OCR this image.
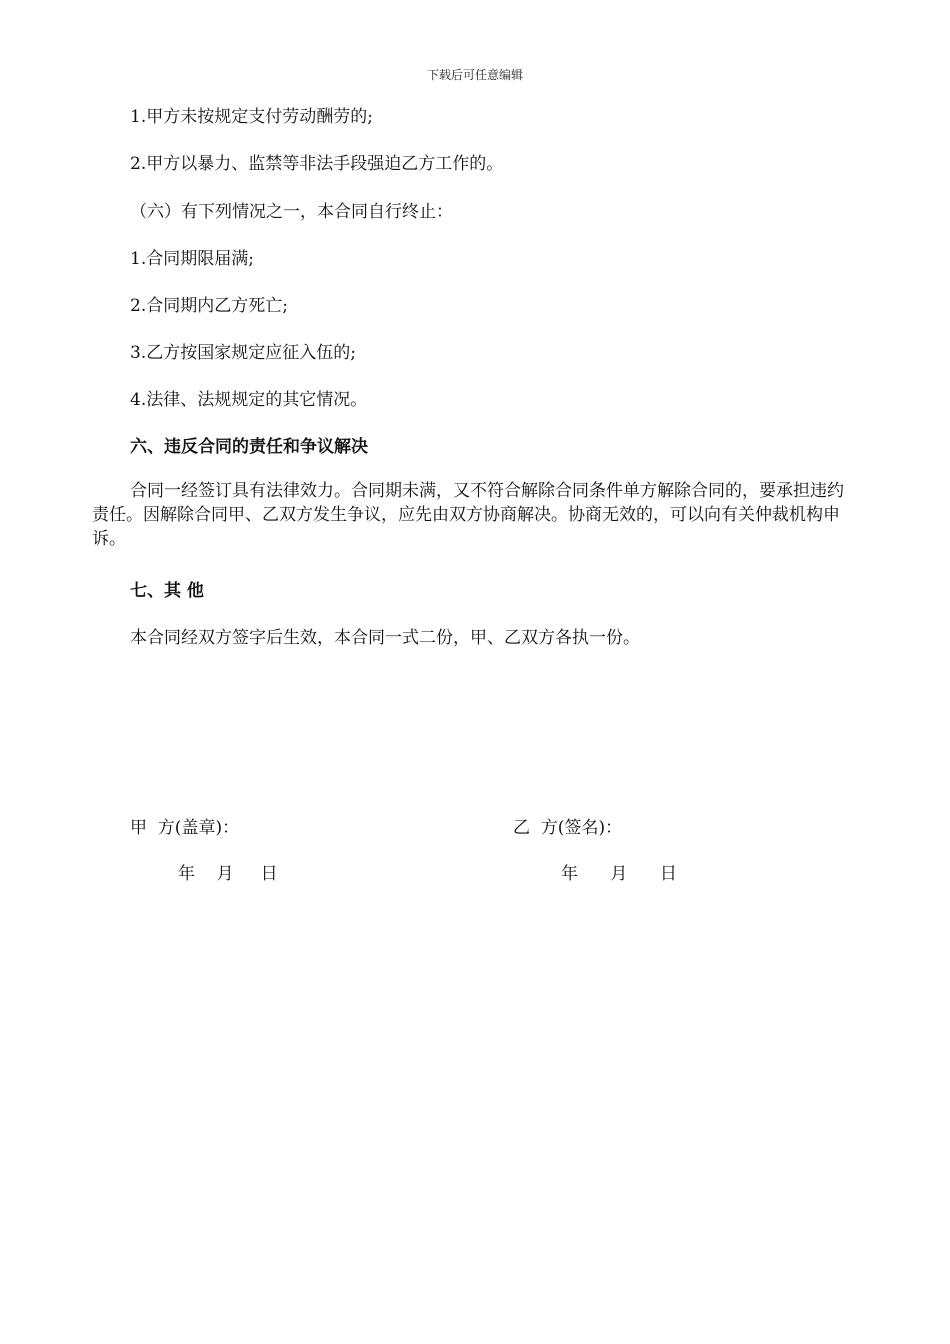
下载后可任意编辑
1.甲方未按规定支付劳动酬劳的;
2.甲方以暴力、监禁等非法手段强迫乙方工作的。
（六）有下列情况之一，本合同自行终止：
1.合同期限届满;
2.合同期内乙方死亡;
3.乙方按国家规定应征入伍的;
4.法律、法规规定的其它情况。
六、违反合同的责任和争议解决
合同一经签订具有法律效力。合同期未满，又不符合解除合同条件单方解除合同的，要承担违约责任。因解除合同甲、乙双方发生争议，应先由双方协商解决。协商无效的，可以向有关仲裁机构申诉。
七、其 他
本合同经双方签字后生效，本合同一式二份，甲、乙双方各执一份。
甲  方(盖章)：	乙  方(签名)：
年    月     日	年      月      日
